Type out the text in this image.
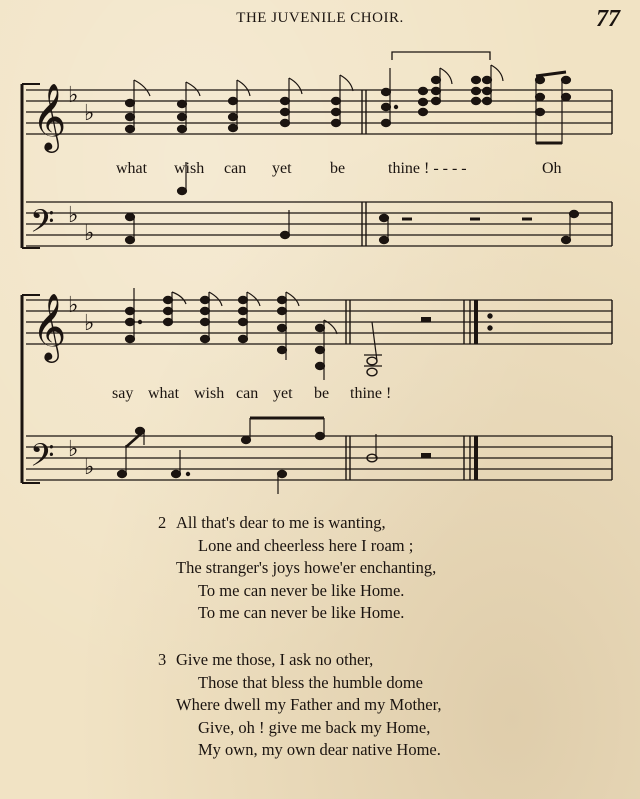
THE JUVENILE CHOIR.	77
𝄞 ♭
♭
𝄢 ♭
♭
𝄞 ♭
♭
𝄢 ♭
♭
what wish can yet be	thine ! - - - -	Oh
say what wish can yet be thine !
2 All that's dear to me is wanting,
Lone and cheerless here I roam ;
The stranger's joys howe'er enchanting,
To me can never be like Home.
To me can never be like Home.
3 Give me those, I ask no other,
Those that bless the humble dome
Where dwell my Father and my Mother,
Give, oh ! give me back my Home,
My own, my own dear native Home.
